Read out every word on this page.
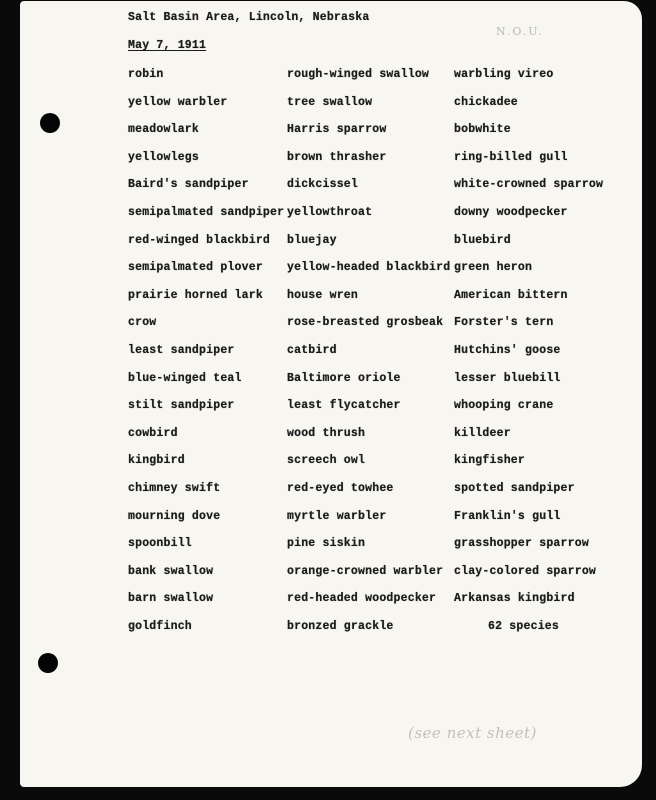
Salt Basin Area, Lincoln, Nebraska
May 7, 1911
N.O.U.
robin
yellow warbler
meadowlark
yellowlegs
Baird's sandpiper
semipalmated sandpiper
red-winged blackbird
semipalmated plover
prairie horned lark
crow
least sandpiper
blue-winged teal
stilt sandpiper
cowbird
kingbird
chimney swift
mourning dove
spoonbill
bank swallow
barn swallow
goldfinch
rough-winged swallow
tree swallow
Harris sparrow
brown thrasher
dickcissel
yellowthroat
bluejay
yellow-headed blackbird
house wren
rose-breasted grosbeak
catbird
Baltimore oriole
least flycatcher
wood thrush
screech owl
red-eyed towhee
myrtle warbler
pine siskin
orange-crowned warbler
red-headed woodpecker
bronzed grackle
warbling vireo
chickadee
bobwhite
ring-billed gull
white-crowned sparrow
downy woodpecker
bluebird
green heron
American bittern
Forster's tern
Hutchins' goose
lesser bluebill
whooping crane
killdeer
kingfisher
spotted sandpiper
Franklin's gull
grasshopper sparrow
clay-colored sparrow
Arkansas kingbird
62 species
(see next sheet)
